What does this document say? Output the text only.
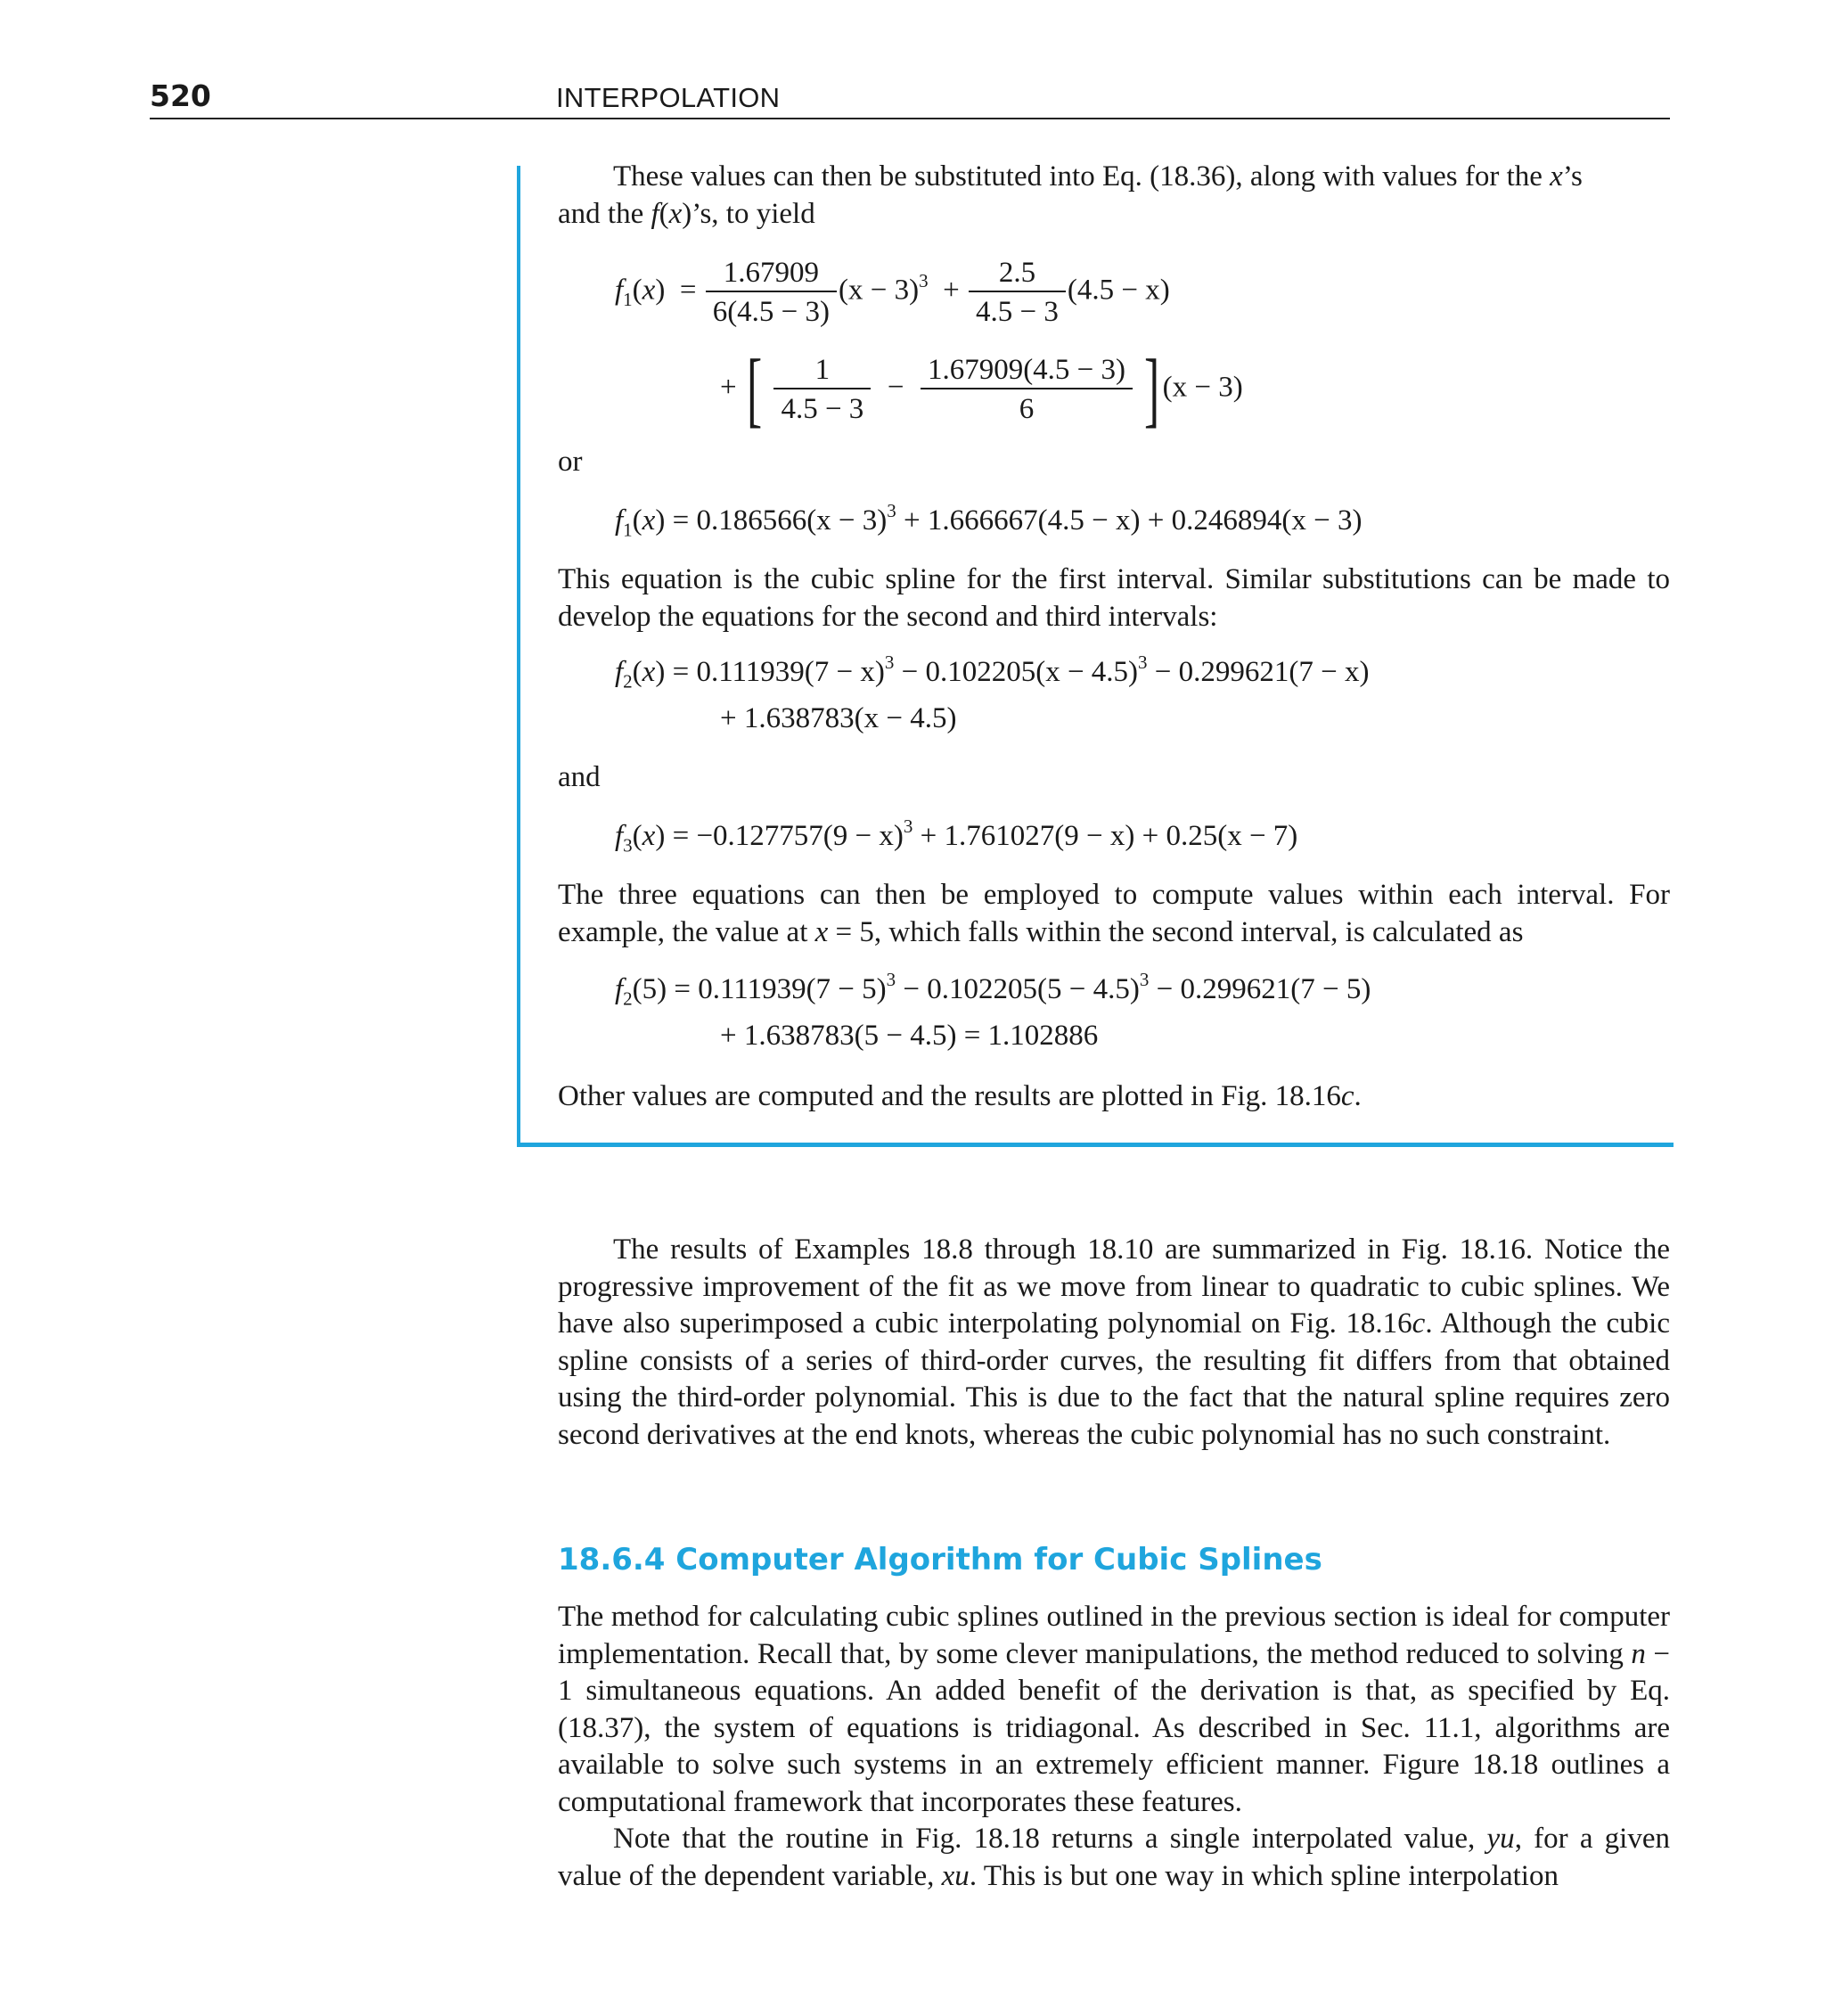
520	INTERPOLATION

These values can then be substituted into Eq. (18.36), along with values for the x’s

and the f(x)’s, to yield

$f_1(x) = \frac{1.67909}{6(4.5 - 3)} (x - 3)^3 + \frac{2.5}{4.5 - 3} (4.5 - x)$
+ [ $\frac{1}{4.5 - 3} - \frac{1.67909(4.5 - 3)}{6} ](x - 3)$
or
$f_1(x) = 0.186566(x - 3)^3 + 1.666667(4.5 - x) + 0.246894(x - 3)$

This equation is the cubic spline for the first interval. Similar substitutions can be made to develop the equations for the second and third intervals:

$f_2(x) = 0.111939(7 - x)^3 - 0.102205(x - 4.5)^3 - 0.299621(7 - x)$
+ 1.638783(x − 4.5)
and
$f_3(x) = -0.127757(9 - x)^3 + 1.761027(9 - x) + 0.25(x - 7)$

The three equations can then be employed to compute values within each interval. For example, the value at x = 5, which falls within the second interval, is calculated as

$f_2(5) = 0.111939(7 - 5)^3 - 0.102205(5 - 4.5)^3 - 0.299621(7 - 5)$
+ 1.638783(5 − 4.5) = 1.102886

Other values are computed and the results are plotted in Fig. 18.16c.

The results of Examples 18.8 through 18.10 are summarized in Fig. 18.16. Notice the progressive improvement of the fit as we move from linear to quadratic to cubic splines. We have also superimposed a cubic interpolating polynomial on Fig. 18.16c. Although the cubic spline consists of a series of third-order curves, the resulting fit differs from that obtained using the third-order polynomial. This is due to the fact that the natural spline requires zero second derivatives at the end knots, whereas the cubic polynomial has no such constraint.

18.6.4 Computer Algorithm for Cubic Splines

The method for calculating cubic splines outlined in the previous section is ideal for computer implementation. Recall that, by some clever manipulations, the method reduced to solving n − 1 simultaneous equations. An added benefit of the derivation is that, as specified by Eq. (18.37), the system of equations is tridiagonal. As described in Sec. 11.1, algorithms are available to solve such systems in an extremely efficient manner. Figure 18.18 outlines a computational framework that incorporates these features.

Note that the routine in Fig. 18.18 returns a single interpolated value, yu, for a given value of the dependent variable, xu. This is but one way in which spline interpolation
